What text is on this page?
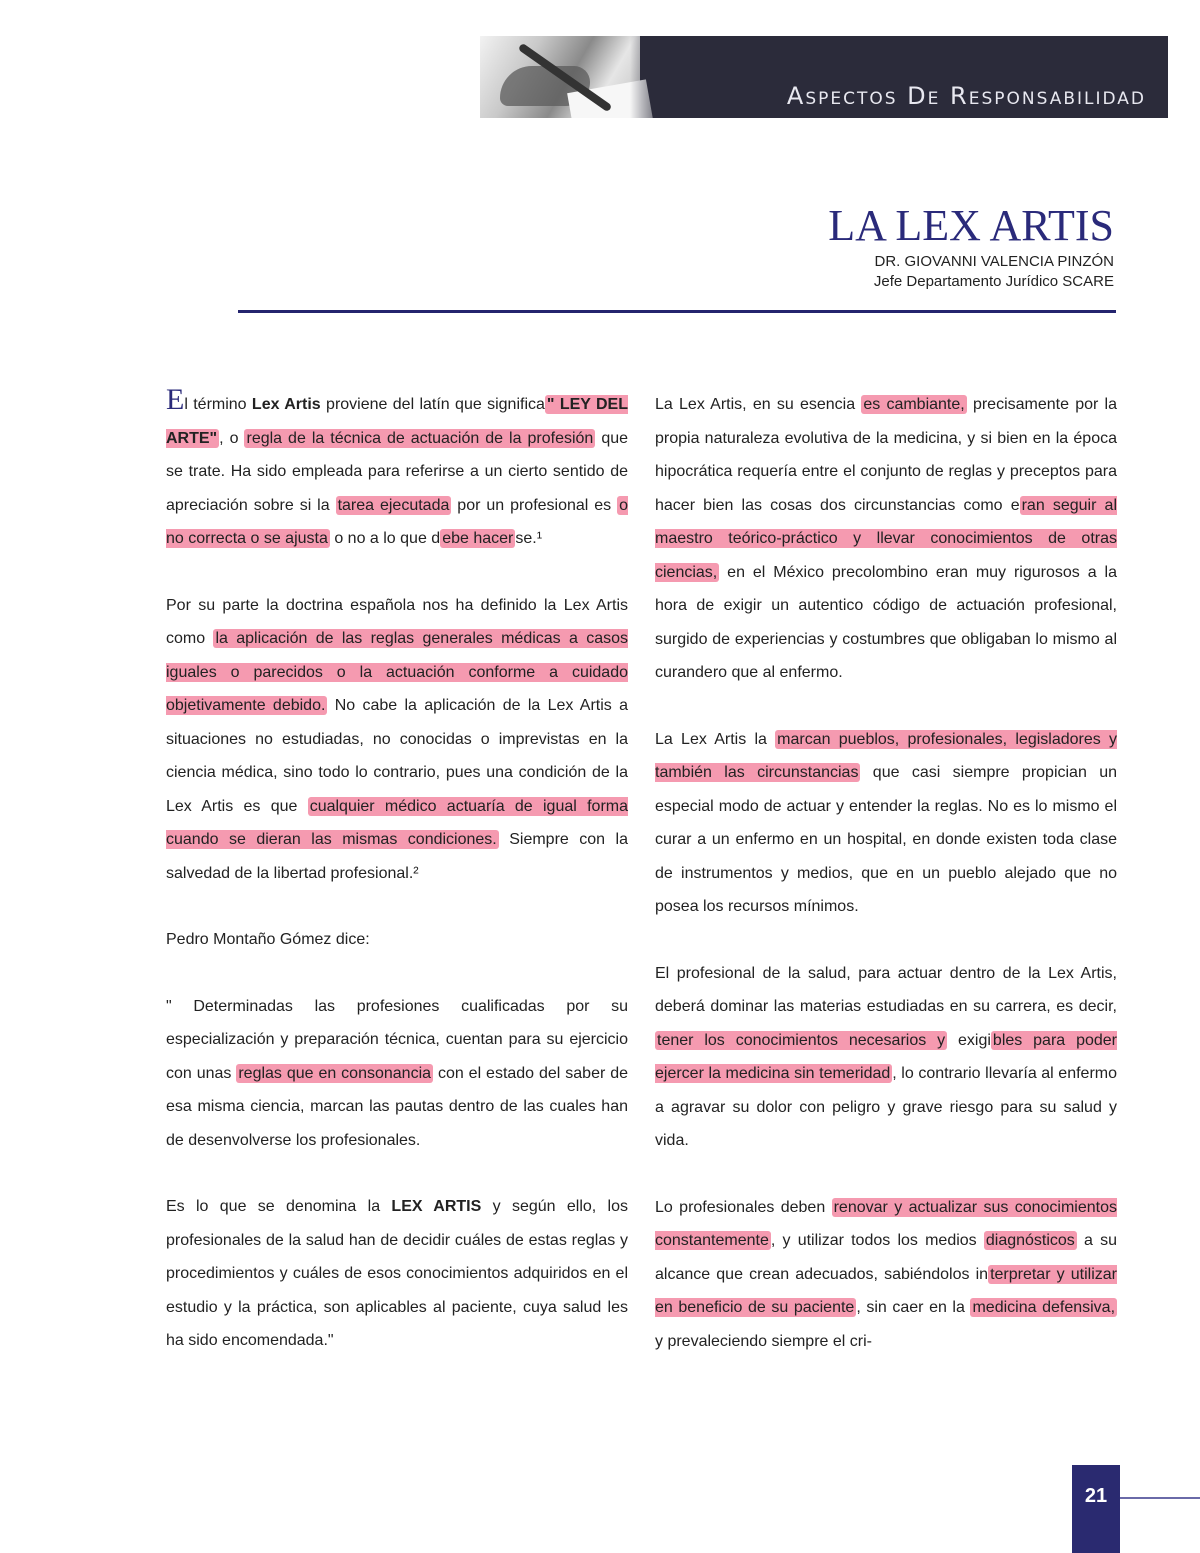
Aspectos De Responsabilidad
LA LEX ARTIS
DR. GIOVANNI VALENCIA PINZÓN
Jefe Departamento Jurídico SCARE

El término Lex Artis proviene del latín que significa " LEY DEL ARTE" , o regla de la técnica de actuación de la profesión que se trate. Ha sido empleada para referirse a un cierto sentido de apreciación sobre si la tarea ejecutada por un profesional es o no correcta o se ajusta o no a lo que d ebe hacer se.¹

Por su parte la doctrina española nos ha definido la Lex Artis como la aplicación de las reglas generales médicas a casos iguales o parecidos o la actuación conforme a cuidado objetivamente debido. No cabe la aplicación de la Lex Artis a situaciones no estudiadas, no conocidas o imprevistas en la ciencia médica, sino todo lo contrario, pues una condición de la Lex Artis es que cualquier médico actuaría de igual forma cuando se dieran las mismas condiciones. Siempre con la salvedad de la libertad profesional.²

Pedro Montaño Gómez dice:

" Determinadas las profesiones cualificadas por su especialización y preparación técnica, cuentan para su ejercicio con unas reglas que en consonancia con el estado del saber de esa misma ciencia, marcan las pautas dentro de las cuales han de desenvolverse los profesionales.

Es lo que se denomina la LEX ARTIS y según ello, los profesionales de la salud han de decidir cuáles de estas reglas y procedimientos y cuáles de esos conocimientos adquiridos en el estudio y la práctica, son aplicables al paciente, cuya salud les ha sido encomendada."

La Lex Artis, en su esencia es cambiante, precisamente por la propia naturaleza evolutiva de la medicina, y si bien en la época hipocrática requería entre el conjunto de reglas y preceptos para hacer bien las cosas dos circunstancias como e ran seguir al maestro teórico-práctico y llevar conocimientos de otras ciencias, en el México precolombino eran muy rigurosos a la hora de exigir un autentico código de actuación profesional, surgido de experiencias y costumbres que obligaban lo mismo al curandero que al enfermo.

La Lex Artis la marcan pueblos, profesionales, legisladores y también las circunstancias que casi siempre propician un especial modo de actuar y entender la reglas. No es lo mismo el curar a un enfermo en un hospital, en donde existen toda clase de instrumentos y medios, que en un pueblo alejado que no posea los recursos mínimos.

El profesional de la salud, para actuar dentro de la Lex Artis, deberá dominar las materias estudiadas en su carrera, es decir, tener los conocimientos necesarios y exigi bles para poder ejercer la medicina sin temeridad , lo contrario llevaría al enfermo a agravar su dolor con peligro y grave riesgo para su salud y vida.

Lo profesionales deben renovar y actualizar sus conocimientos constantemente , y utilizar todos los medios diagnósticos a su alcance que crean adecuados, sabiéndolos in terpretar y utilizar en beneficio de su paciente , sin caer en la medicina defensiva, y prevaleciendo siempre el cri-

21
